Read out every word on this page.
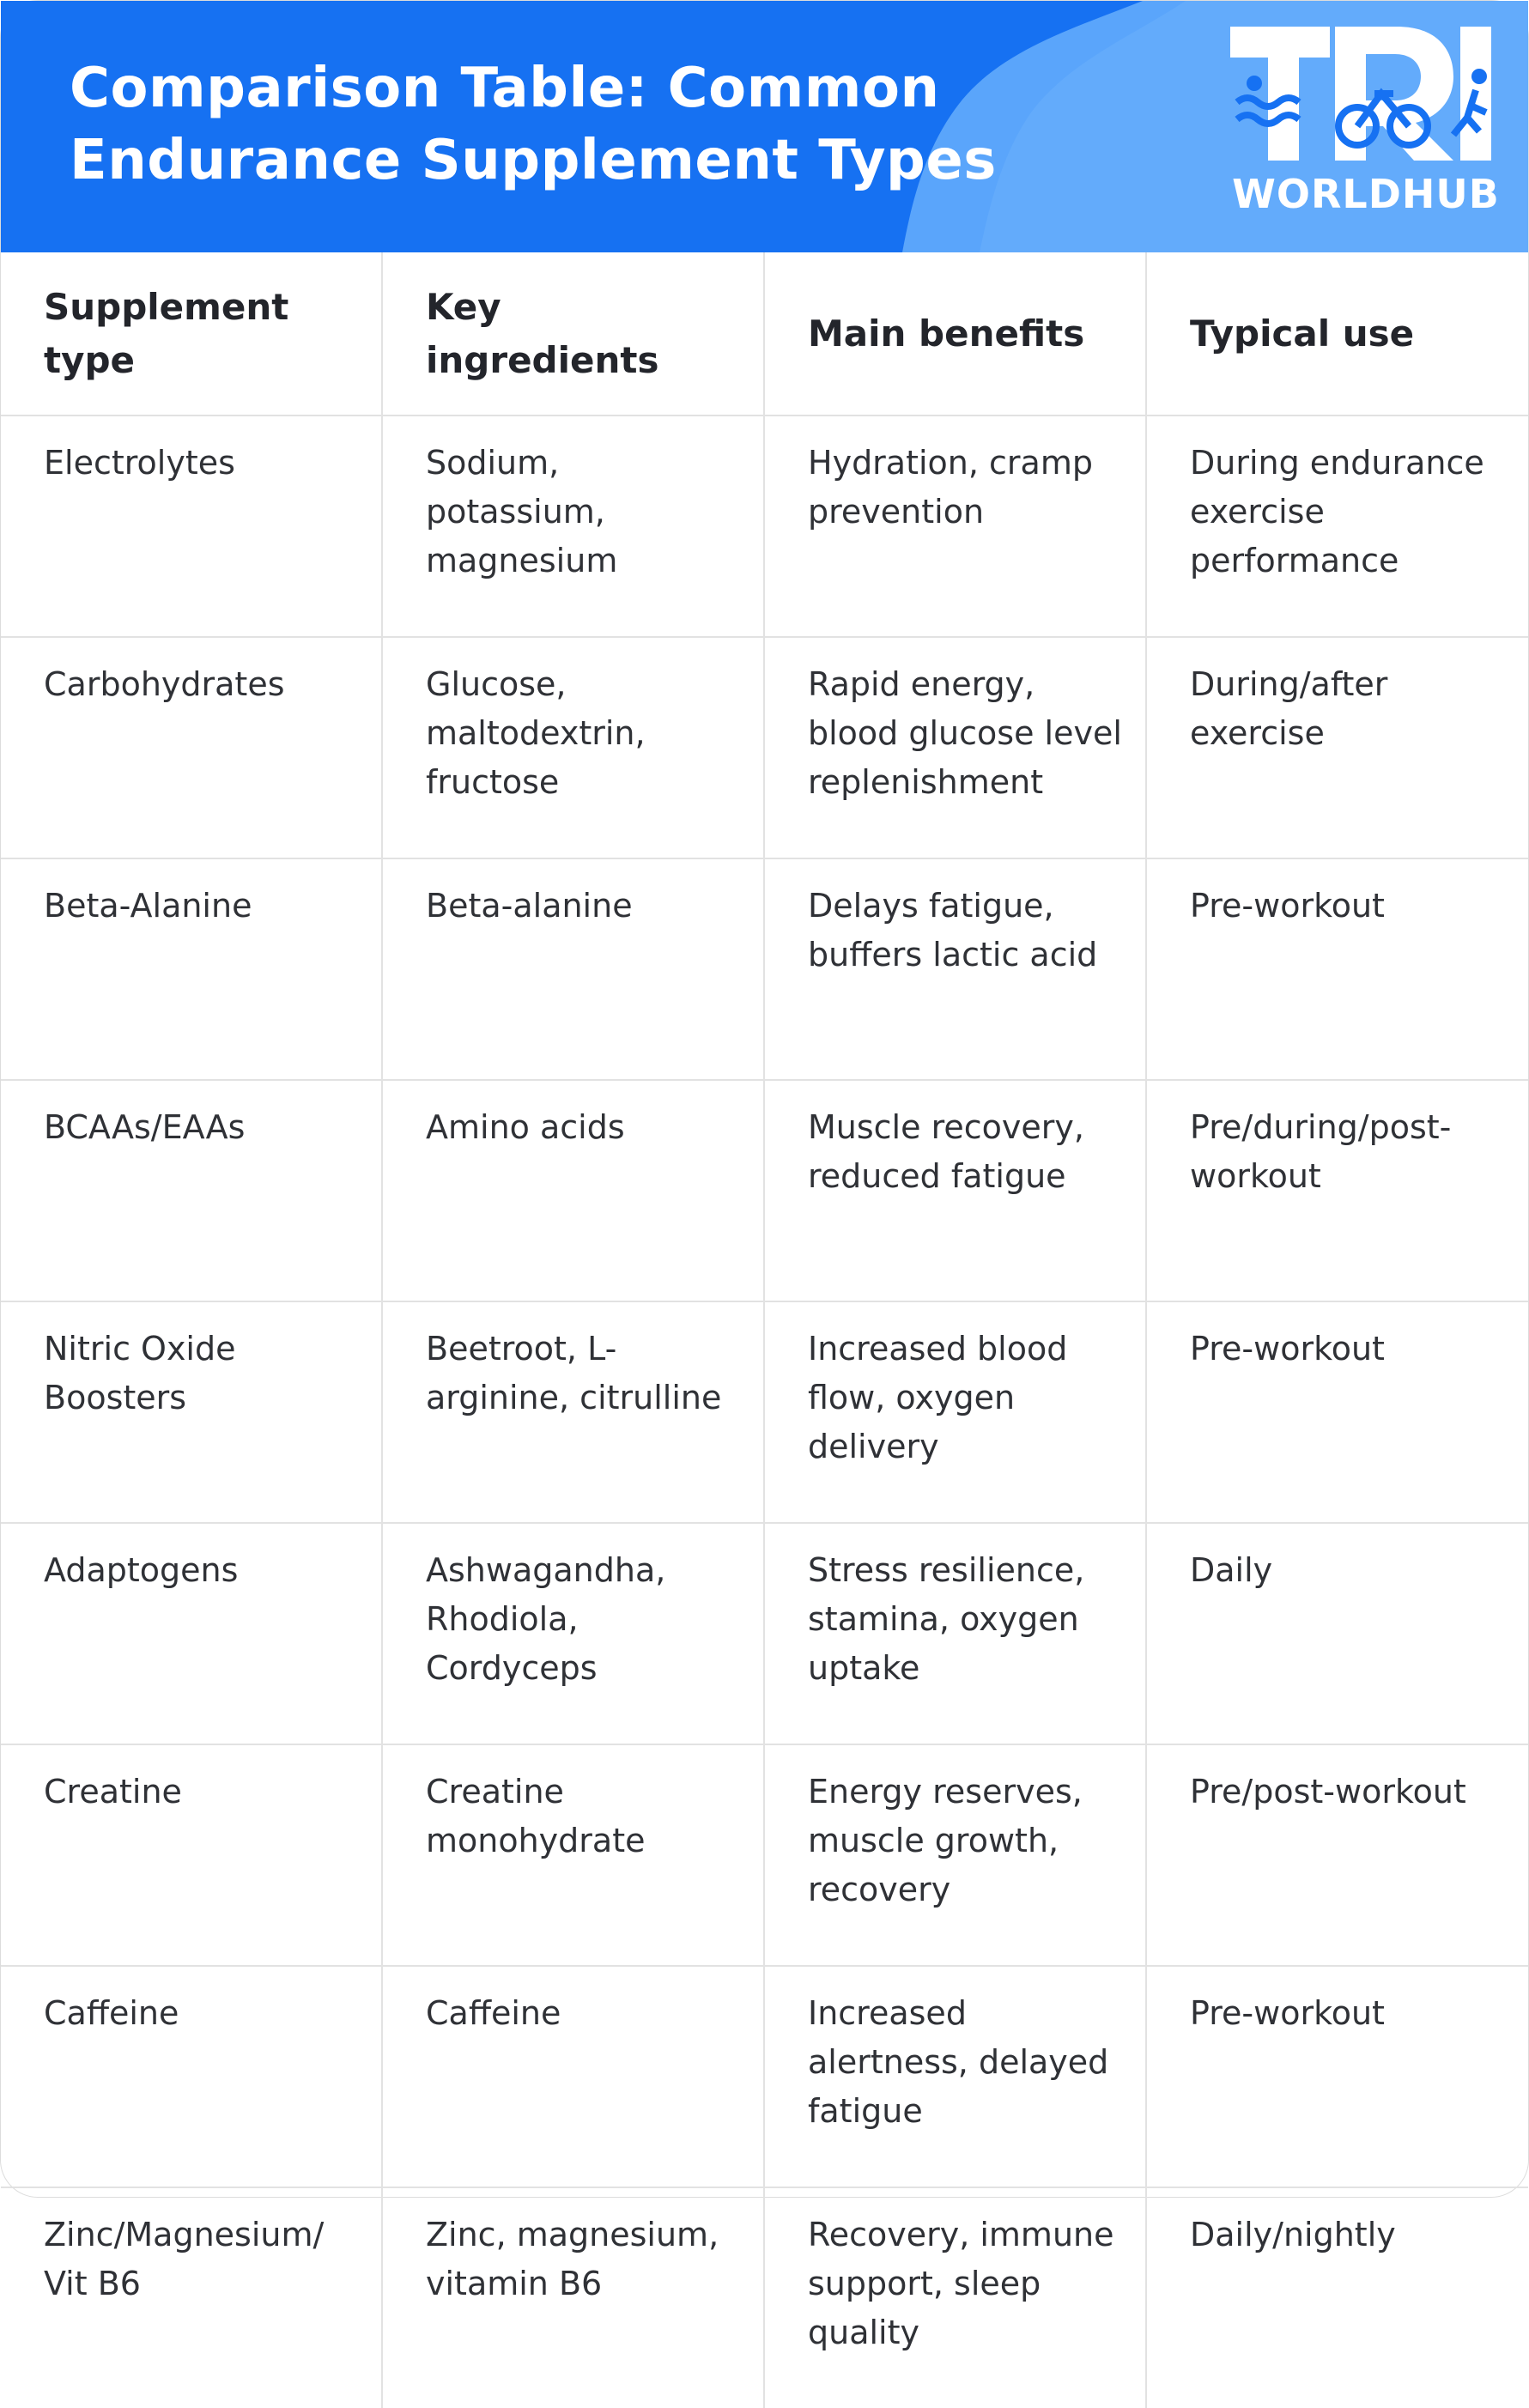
Comparison Table: Common Endurance Supplement Types
WORLDHUB
Supplement type	Key ingredients	Main benefits	Typical use
Electrolytes	Sodium, potassium, magnesium	Hydration, cramp prevention	During endurance exercise performance
Carbohydrates	Glucose, maltodextrin, fructose	Rapid energy, blood glucose level replenishment	During/after exercise
Beta-Alanine	Beta-alanine	Delays fatigue, buffers lactic acid	Pre-workout
BCAAs/EAAs	Amino acids	Muscle recovery, reduced fatigue	Pre/during/post-workout
Nitric Oxide Boosters	Beetroot, L-arginine, citrulline	Increased blood flow, oxygen delivery	Pre-workout
Adaptogens	Ashwagandha, Rhodiola, Cordyceps	Stress resilience, stamina, oxygen uptake	Daily
Creatine	Creatine monohydrate	Energy reserves, muscle growth, recovery	Pre/post-workout
Caffeine	Caffeine	Increased alertness, delayed fatigue	Pre-workout
Zinc/Magnesium/ Vit B6	Zinc, magnesium, vitamin B6	Recovery, immune support, sleep quality	Daily/nightly
